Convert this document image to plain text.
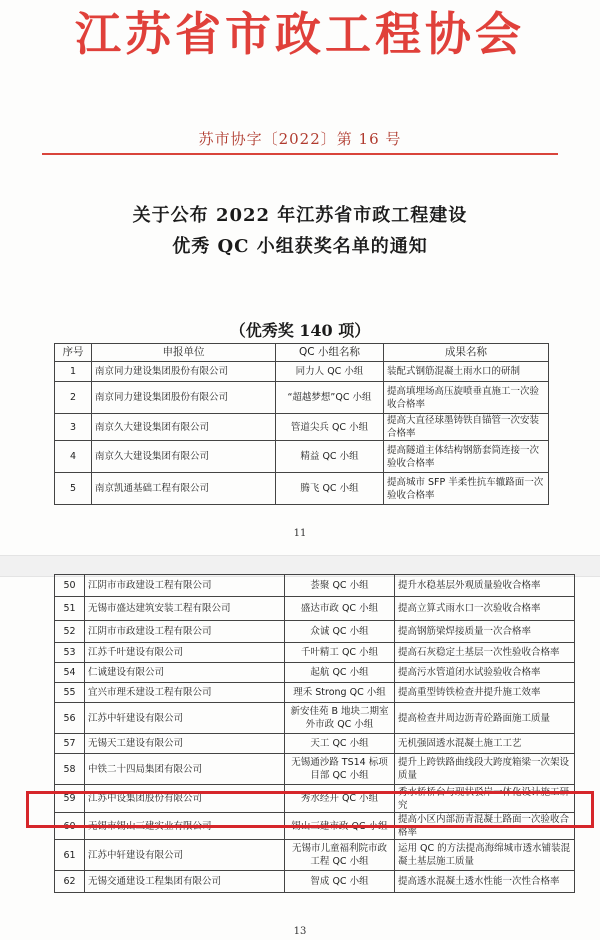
江苏省市政工程协会
苏市协字〔2022〕第 16 号
关于公布 2022 年江苏省市政工程建设
优秀 QC 小组获奖名单的通知
（优秀奖 140 项）
序号	申报单位	QC 小组名称	成果名称
1	南京同力建设集团股份有限公司	同力人 QC 小组	装配式钢筋混凝土雨水口的研制
2	南京同力建设集团股份有限公司	“超越梦想”QC 小组	提高填埋场高压旋喷垂直施工一次验收合格率
3	南京久大建设集团有限公司	管道尖兵 QC 小组	提高大直径球墨铸铁自锚管一次安装合格率
4	南京久大建设集团有限公司	精益 QC 小组	提高隧道主体结构钢筋套筒连接一次验收合格率
5	南京凯通基础工程有限公司	腾飞 QC 小组	提高城市 SFP 半柔性抗车辙路面一次验收合格率
11
50	江阴市市政建设工程有限公司	荟聚 QC 小组	提升水稳基层外观质量验收合格率
51	无锡市盛达建筑安装工程有限公司	盛达市政 QC 小组	提高立算式雨水口一次验收合格率
52	江阴市市政建设工程有限公司	众诚 QC 小组	提高钢筋梁焊接质量一次合格率
53	江苏千叶建设有限公司	千叶精工 QC 小组	提高石灰稳定土基层一次性验收合格率
54	仁诚建设有限公司	起航 QC 小组	提高污水管道闭水试验验收合格率
55	宜兴市理禾建设工程有限公司	理禾 Strong QC 小组	提高重型铸铁检查井提升施工效率
56	江苏中轩建设有限公司	新安佳苑 B 地块二期室外市政 QC 小组	提高检查井周边沥青砼路面施工质量
57	无锡天工建设有限公司	天工 QC 小组	无机强固透水混凝土施工工艺
58	中铁二十四局集团有限公司	无锡通沙路 TS14 标项目部 QC 小组	提升上跨铁路曲线段大跨度箱梁一次架设质量
59	江苏中设集团股份有限公司	秀水经开 QC 小组	秀水桥桥台与现状驳岸一体化设计施工研究
60	无锡市锡山三建实业有限公司	锡山三建市政 QC 小组	提高小区内部沥青混凝土路面一次验收合格率
61	江苏中轩建设有限公司	无锡市儿童福利院市政工程 QC 小组	运用 QC 的方法提高海绵城市透水铺装混凝土基层施工质量
62	无锡交通建设工程集团有限公司	智成 QC 小组	提高透水混凝土透水性能一次性合格率
13
